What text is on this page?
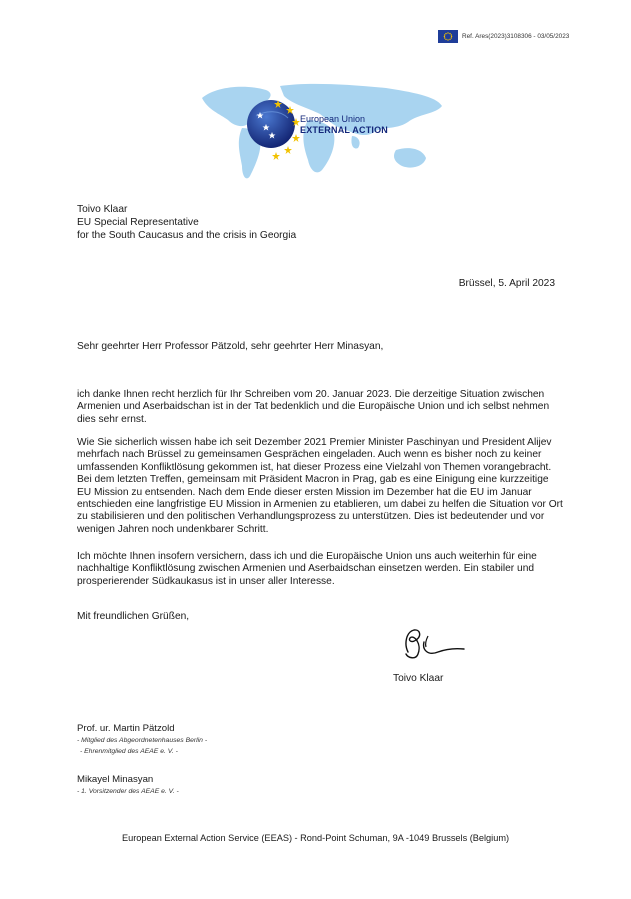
Ref. Ares(2023)3108306 - 03/05/2023
European Union
EXTERNAL ACTION
Toivo Klaar
EU Special Representative
for the South Caucasus and the crisis in Georgia
Brüssel, 5. April 2023
Sehr geehrter Herr Professor Pätzold, sehr geehrter Herr Minasyan,
ich danke Ihnen recht herzlich für Ihr Schreiben vom 20. Januar 2023. Die derzeitige Situation zwischen Armenien und Aserbaidschan ist in der Tat bedenklich und die Europäische Union und ich selbst nehmen dies sehr ernst.
Wie Sie sicherlich wissen habe ich seit Dezember 2021 Premier Minister Paschinyan und President Alijev mehrfach nach Brüssel zu gemeinsamen Gesprächen eingeladen. Auch wenn es bisher noch zu keiner umfassenden Konfliktlösung gekommen ist, hat dieser Prozess eine Vielzahl von Themen vorangebracht. Bei dem letzten Treffen, gemeinsam mit Präsident Macron in Prag, gab es eine Einigung eine kurzzeitige EU Mission zu entsenden. Nach dem Ende dieser ersten Mission im Dezember hat die EU im Januar entschieden eine langfristige EU Mission in Armenien zu etablieren, um dabei zu helfen die Situation vor Ort zu stabilisieren und den politischen Verhandlungsprozess zu unterstützen. Dies ist bedeutender und vor wenigen Jahren noch undenkbarer Schritt.
Ich möchte Ihnen insofern versichern, dass ich und die Europäische Union uns auch weiterhin für eine nachhaltige Konfliktlösung zwischen Armenien und Aserbaidschan einsetzen werden. Ein stabiler und prosperierender Südkaukasus ist in unser aller Interesse.
Mit freundlichen Grüßen,
Toivo Klaar
Prof. ur. Martin Pätzold
- Mitglied des Abgeordnetenhauses Berlin -
- Ehrenmitglied des AEAE e. V. -
Mikayel Minasyan
- 1. Vorsitzender des AEAE e. V. -
European External Action Service (EEAS) - Rond-Point Schuman, 9A -1049 Brussels (Belgium)
